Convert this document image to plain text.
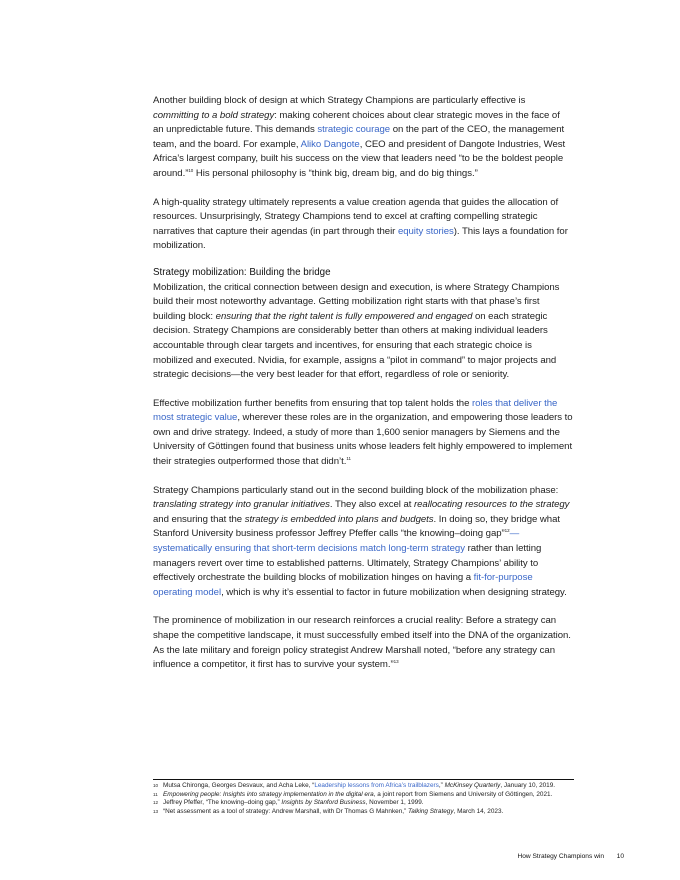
Another building block of design at which Strategy Champions are particularly effective is committing to a bold strategy: making coherent choices about clear strategic moves in the face of an unpredictable future. This demands strategic courage on the part of the CEO, the management team, and the board. For example, Aliko Dangote, CEO and president of Dangote Industries, West Africa’s largest company, built his success on the view that leaders need “to be the boldest people around.”$^{10}$ His personal philosophy is “think big, dream big, and do big things.”

A high-quality strategy ultimately represents a value creation agenda that guides the allocation of resources. Unsurprisingly, Strategy Champions tend to excel at crafting compelling strategic narratives that capture their agendas (in part through their equity stories). This lays a foundation for mobilization.

Strategy mobilization: Building the bridge

Mobilization, the critical connection between design and execution, is where Strategy Champions build their most noteworthy advantage. Getting mobilization right starts with that phase’s first building block: ensuring that the right talent is fully empowered and engaged on each strategic decision. Strategy Champions are considerably better than others at making individual leaders accountable through clear targets and incentives, for ensuring that each strategic choice is mobilized and executed. Nvidia, for example, assigns a “pilot in command” to major projects and strategic decisions—the very best leader for that effort, regardless of role or seniority.

Effective mobilization further benefits from ensuring that top talent holds the roles that deliver the most strategic value, wherever these roles are in the organization, and empowering those leaders to own and drive strategy. Indeed, a study of more than 1,600 senior managers by Siemens and the University of Göttingen found that business units whose leaders felt highly empowered to implement their strategies outperformed those that didn’t.$^{11}$

Strategy Champions particularly stand out in the second building block of the mobilization phase: translating strategy into granular initiatives. They also excel at reallocating resources to the strategy and ensuring that the strategy is embedded into plans and budgets. In doing so, they bridge what Stanford University business professor Jeffrey Pfeffer calls “the knowing–doing gap”$^{12}$—systematically ensuring that short-term decisions match long-term strategy rather than letting managers revert over time to established patterns. Ultimately, Strategy Champions’ ability to effectively orchestrate the building blocks of mobilization hinges on having a fit-for-purpose operating model, which is why it’s essential to factor in future mobilization when designing strategy.

The prominence of mobilization in our research reinforces a crucial reality: Before a strategy can shape the competitive landscape, it must successfully embed itself into the DNA of the organization. As the late military and foreign policy strategist Andrew Marshall noted, “before any strategy can influence a competitor, it first has to survive your system.”$^{13}$

10 Mutsa Chironga, Georges Desvaux, and Acha Leke, “Leadership lessons from Africa’s trailblazers,” McKinsey Quarterly, January 10, 2019.
11 Empowering people: Insights into strategy implementation in the digital era, a joint report from Siemens and University of Göttingen, 2021.
12 Jeffrey Pfeffer, “The knowing–doing gap,” Insights by Stanford Business, November 1, 1999.
13 “Net assessment as a tool of strategy: Andrew Marshall, with Dr Thomas G Mahnken,” Talking Strategy, March 14, 2023.
How Strategy Champions win 10
